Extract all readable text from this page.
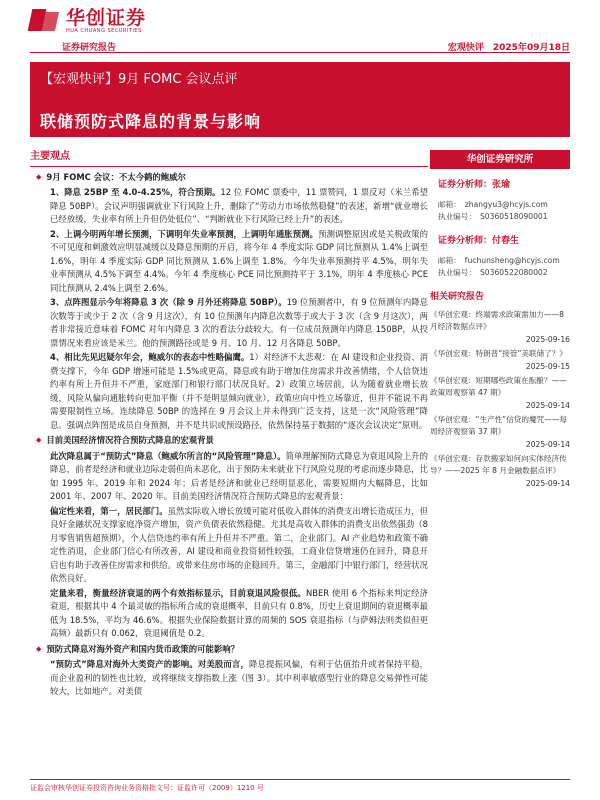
华创证券
HUA CHUANG SECURITIES
证券研究报告	宏观快评　2025年09月18日
【宏观快评】9月 FOMC 会议点评
联储预防式降息的背景与影响
主要观点
◆ 9月 FOMC 会议：不太今鹤的鲍威尔
1、降息 25BP 至 4.0-4.25%，符合预期。12 位 FOMC 票委中，11 票赞同，1 票反对（米兰希望降息 50BP）。会议声明强调就业下行风险上升，删除了“劳动力市场依然稳健”的表述，新增“就业增长已经放缓，失业率有所上升但仍处低位”、“判断就业下行风险已经上升”的表述。
2、上调今明两年增长预测，下调明年失业率预测，上调明年通胀预测。预测调整原因或是关税政策的不可见度和刺激效应明显减缓以及降息预期的开启，将今年 4 季度实际 GDP 同比预测从 1.4%上调至 1.6%，明年 4 季度实际 GDP 同比预测从 1.6%上调至 1.8%。今年失业率预测持平 4.5%，明年失业率预测从 4.5%下调至 4.4%。今年 4 季度核心 PCE 同比预测持平于 3.1%，明年 4 季度核心 PCE 同比预测从 2.4%上调至 2.6%。
3、点阵图显示今年将降息 3 次（除 9 月外还将降息 50BP）。19 位预测者中，有 9 位预测年内降息次数等于或少于 2 次（含 9 月这次），有 10 位预测年内降息次数等于或大于 3 次（含 9 月这次），两者非常接近意味着 FOMC 对年内降息 3 次的看法分歧较大。有一位成员预测年内降息 150BP，从投票情况来看应该是米兰。他的预测路径或是 9 月、10 月、12 月各降息 50BP。
4、相比先见迟疑尔年会，鲍威尔的表态中性略偏鹰。1）对经济不太悲观：在 AI 建设和企业投资、消费支撑下，今年 GDP 增速可能是 1.5%或更高，降息或有助于增加住房需求并改善情绪，个人信贷违约率有所上升但并不严重，家庭部门和银行部门状况良好。2）政策立场居前，认为随着就业增长放缓，风险从偏向通胀转向更加平衡（并不是明显倾向就业），政策应向中性立场靠近，但并不能说不再需要限制性立场。连续降息 50BP 的选择在 9 月会议上并未得到广泛支持，这是一次“风险管理”降息。强调点阵图是成员自身预测，并不是共识或预设路径，依然保持基于数据的“逐次会议决定”原则。
◆ 目前美国经济情况符合预防式降息的宏观背景
此次降息属于“预防式”降息（鲍威尔所言的“风险管理”降息）。简单理解预防式降息为衰退风险上升的降息，前者是经济和就业边际走弱但尚未恶化，出于预防未来就业下行风险兑现的考虑而逐步降息，比如 1995 年、2019 年和 2024 年；后者是经济和就业已经明显恶化，需要短期内大幅降息，比如 2001 年、2007 年、2020 年。目前美国经济情况符合预防式降息的宏观背景：
偏定性来看，第一，居民部门。虽然实际收入增长放缓可能对低收入群体的消费支出增长造成压力，但良好金融状况支撑家庭净资产增加，资产负债表依然稳健。尤其是高收入群体的消费支出依然强劲（8 月零售销售超预期），个人信贷违约率有所上升但并不严重。第二，企业部门。AI 产业趋势和政策不确定性消退，企业部门信心有所改善，AI 建设和商业投资韧性较强，工商业信贷增速仍在回升，降息开启也有助于改善住房需求和供给。或带来住房市场的企稳回升。第三，金融部门中银行部门，经营状况依然良好。
定量来看，衡量经济衰退的两个有效指标显示，目前衰退风险很低。NBER 使用 6 个指标来判定经济衰退，根据其中 4 个最灵敏的指标所合成的衰退概率，目前只有 0.8%，历史上衰退期间的衰退概率最低为 18.5%，平均为 46.6%。根据失业保险数据计算的周频的 SOS 衰退指标（与萨姆法则类似但更高频）最新只有 0.062，衰退阈值是 0.2。
◆ 预防式降息对海外资产和国内货币政策的可能影响？
“预防式”降息对海外大类资产的影响。对美股而言，降息提振风偏，有利于估值抬升或者保持平稳，而企业盈利的韧性也比较，或将继续支撑指数上涨（图 3）。其中利率敏感型行业的降息交易弹性可能较大，比如地产。对美债
华创证券研究所
证券分析师：张瑜
邮箱： zhangyu3@hcyjs.com
执业编号： S0360518090001
证券分析师：付春生
邮箱： fuchunsheng@hcyjs.com
执业编号： S0360522080002
相关研究报告
《华创宏观：终端需求政策需加力——8 月经济数据点评》
2025-09-16
《华创宏观：特朗普“接管”美联储了？》
2025-09-15
《华创宏观：短期哪些政策在酝酿？——政策周观察第 47 期》
2025-09-14
《华创宏观：“生产性”信贷的魔咒——每周经济观察第 37 期》
2025-09-14
《华创宏观：存款搬家如何向实体经济传导？——2025 年 8 月金融数据点评》
2025-09-14
证监会审核华创证券投资咨询业务资格批文号：证监许可（2009）1210 号
